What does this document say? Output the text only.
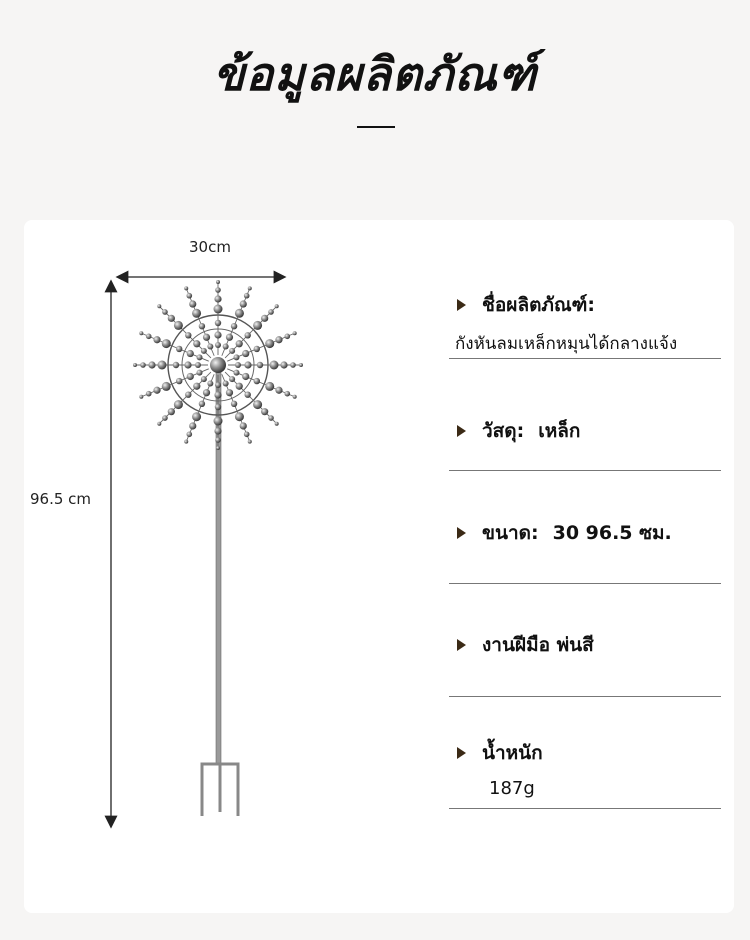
ข้อมูลผลิตภัณฑ์
30cm
96.5 cm
ชื่อผลิตภัณฑ์:
กังหันลมเหล็กหมุนได้กลางแจ้ง
วัสดุ: เหล็ก
ขนาด: 30 96.5 ซม.
งานฝีมือ พ่นสี
น้ำหนัก
187g
